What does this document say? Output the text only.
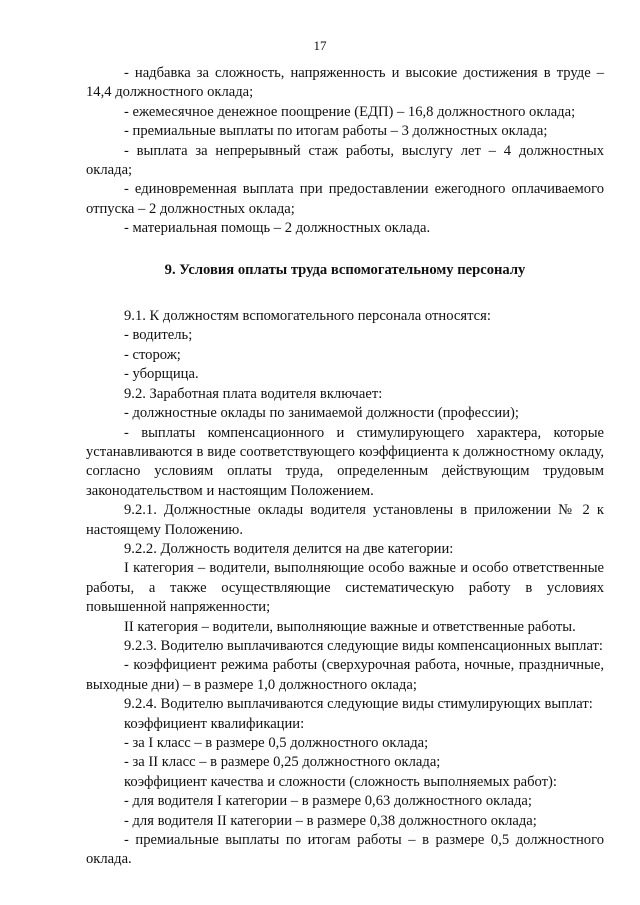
17

- надбавка за сложность, напряженность и высокие достижения в труде –14,4 должностного оклада;

- ежемесячное денежное поощрение (ЕДП) – 16,8 должностного оклада;

- премиальные выплаты по итогам работы – 3 должностных оклада;

- выплата за непрерывный стаж работы, выслугу лет – 4 должностных оклада;

- единовременная выплата при предоставлении ежегодного оплачиваемого отпуска – 2 должностных оклада;

- материальная помощь – 2 должностных оклада.

9. Условия оплаты труда вспомогательному персоналу

9.1. К должностям вспомогательного персонала относятся:

- водитель;

- сторож;

- уборщица.

9.2. Заработная плата водителя включает:

- должностные оклады по занимаемой должности (профессии);

- выплаты компенсационного и стимулирующего характера, которые устанавливаются в виде соответствующего коэффициента к должностному окладу, согласно условиям оплаты труда, определенным действующим трудовым законодательством и настоящим Положением.

9.2.1. Должностные оклады водителя установлены в приложении № 2 к настоящему Положению.

9.2.2. Должность водителя делится на две категории:

I категория – водители, выполняющие особо важные и особо ответственные работы, а также осуществляющие систематическую работу в условиях повышенной напряженности;

II категория – водители, выполняющие важные и ответственные работы.

9.2.3. Водителю выплачиваются следующие виды компенсационных выплат:

- коэффициент режима работы (сверхурочная работа, ночные, праздничные, выходные дни) – в размере 1,0 должностного оклада;

9.2.4. Водителю выплачиваются следующие виды стимулирующих выплат:

коэффициент квалификации:

- за I класс – в размере 0,5 должностного оклада;

- за II класс – в размере 0,25 должностного оклада;

коэффициент качества и сложности (сложность выполняемых работ):

- для водителя I категории – в размере 0,63 должностного оклада;

- для водителя II категории – в размере 0,38 должностного оклада;

- премиальные выплаты по итогам работы – в размере 0,5 должностного оклада.
